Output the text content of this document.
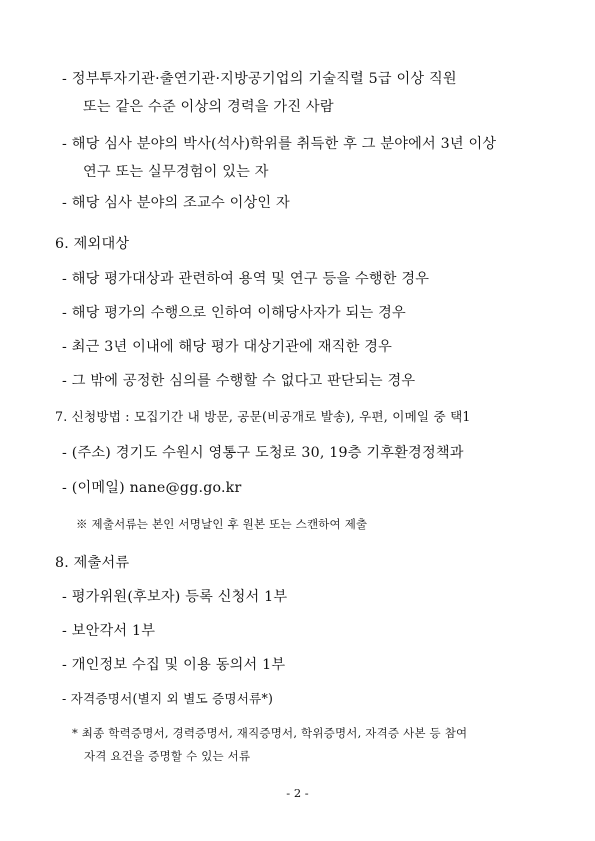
- 정부투자기관·출연기관·지방공기업의 기술직렬 5급 이상 직원
또는 같은 수준 이상의 경력을 가진 사람
- 해당 심사 분야의 박사(석사)학위를 취득한 후 그 분야에서 3년 이상
연구 또는 실무경험이 있는 자
- 해당 심사 분야의 조교수 이상인 자
6. 제외대상
- 해당 평가대상과 관련하여 용역 및 연구 등을 수행한 경우
- 해당 평가의 수행으로 인하여 이해당사자가 되는 경우
- 최근 3년 이내에 해당 평가 대상기관에 재직한 경우
- 그 밖에 공정한 심의를 수행할 수 없다고 판단되는 경우
7. 신청방법 : 모집기간 내 방문, 공문(비공개로 발송), 우편, 이메일 중 택1
- (주소) 경기도 수원시 영통구 도청로 30, 19층 기후환경정책과
- (이메일) nane@gg.go.kr
※ 제출서류는 본인 서명날인 후 원본 또는 스캔하여 제출
8. 제출서류
- 평가위원(후보자) 등록 신청서 1부
- 보안각서 1부
- 개인정보 수집 및 이용 동의서 1부
- 자격증명서(별지 외 별도 증명서류*)
* 최종 학력증명서, 경력증명서, 재직증명서, 학위증명서, 자격증 사본 등 참여
자격 요건을 증명할 수 있는 서류
- 2 -
